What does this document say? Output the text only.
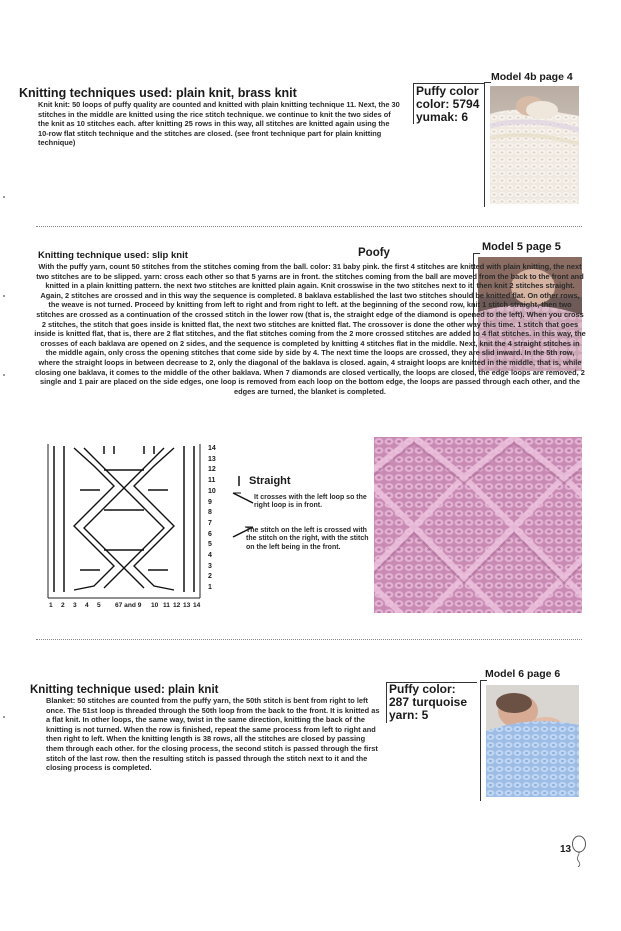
Knitting techniques used: plain knit, brass knit
Knit knit: 50 loops of puffy quality are counted and knitted with plain knitting technique 11. Next, the 30 stitches in the middle are knitted using the rice stitch technique. we continue to knit the two sides of the knit as 10 stitches each. after knitting 25 rows in this way, all stitches are knitted again using the 10-row flat stitch technique and the stitches are closed. (see front technique part for plain knitting technique)
Puffy color
color: 5794
yumak: 6
Model 4b page 4
Knitting technique used: slip knit	Poofy	Model 5 page 5
With the puffy yarn, count 50 stitches from the stitches coming from the ball. color: 31 baby pink. the first 4 stitches are knitted with plain knitting, the next two stitches are to be slipped. yarn: cross each other so that 5 yarns are in front. the stitches coming from the ball are moved from the back to the front and knitted in a plain knitting pattern. the next two stitches are knitted plain again. Knit crosswise in the two stitches next to it, then knit 2 stitches straight. Again, 2 stitches are crossed and in this way the sequence is completed. 8 baklava established the last two stitches should be knitted flat. On other rows, the weave is not turned. Proceed by knitting from left to right and from right to left. at the beginning of the second row, knit 1 stitch straight, then two stitches are crossed as a continuation of the crossed stitch in the lower row (that is, the straight edge of the diamond is opened to the left). When you cross 2 stitches, the stitch that goes inside is knitted flat, the next two stitches are knitted flat. The crossover is done the other way this time. 1 stitch that goes inside is knitted flat, that is, there are 2 flat stitches, and the flat stitches coming from the 2 more crossed stitches are added to 4 flat stitches. in this way, the crosses of each baklava are opened on 2 sides, and the sequence is completed by knitting 4 stitches flat in the middle. Next, knit the 4 straight stitches in the middle again, only cross the opening stitches that come side by side by 4. The next time the loops are crossed, they are slid inward. In the 5th row, where the straight loops in between decrease to 2, only the diagonal of the baklava is closed. again, 4 straight loops are knitted in the middle, that is, while closing one baklava, it comes to the middle of the other baklava. When 7 diamonds are closed vertically, the loops are closed, the edge loops are removed, 2 single and 1 pair are placed on the side edges, one loop is removed from each loop on the bottom edge, the loops are passed through each other, and the edges are turned, the blanket is completed.
14
13
12
11
10
9
8
7
6
5
4
3
2
1
1 2 3 4 5 67 and 9 10 11 12 13 14
Straight
It crosses with the left loop so the right loop is in front.
The stitch on the left is crossed with the stitch on the right, with the stitch on the left being in the front.
Knitting technique used: plain knit
Blanket: 50 stitches are counted from the puffy yarn, the 50th stitch is bent from right to left once. The 51st loop is threaded through the 50th loop from the back to the front. It is knitted as a flat knit. In other loops, the same way, twist in the same direction, knitting the back of the knitting is not turned. When the row is finished, repeat the same process from left to right and then right to left. When the knitting length is 38 rows, all the stitches are closed by passing them through each other. for the closing process, the second stitch is passed through the first stitch of the last row. then the resulting stitch is passed through the stitch next to it and the closing process is completed.
Puffy color:
287 turquoise
yarn: 5
Model 6 page 6
13
